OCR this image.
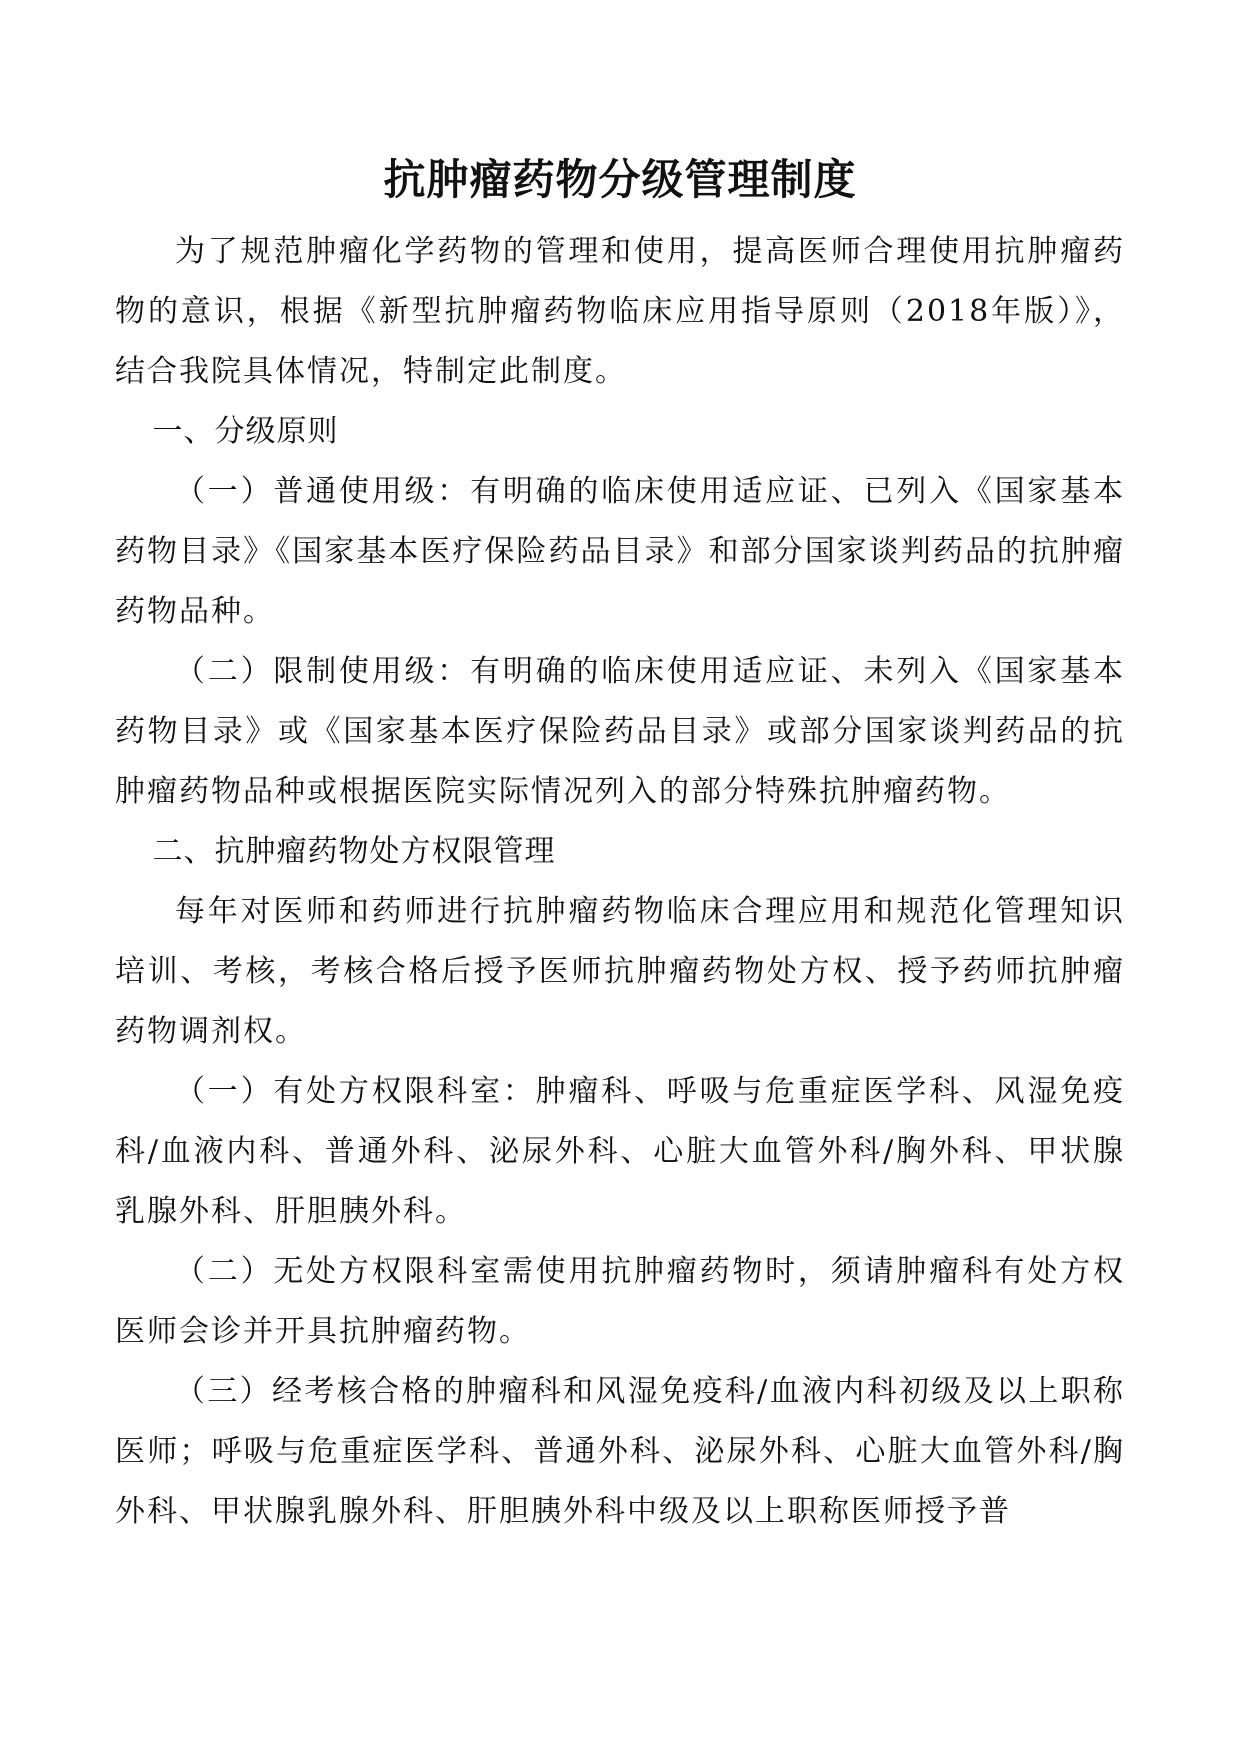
抗肿瘤药物分级管理制度

为了规范肿瘤化学药物的管理和使用，提高医师合理使用抗肿瘤药物的意识，根据《新型抗肿瘤药物临床应用指导原则（2018年版）》，结合我院具体情况，特制定此制度。

一、分级原则

（一）普通使用级：有明确的临床使用适应证、已列入《国家基本药物目录》《国家基本医疗保险药品目录》和部分国家谈判药品的抗肿瘤药物品种。

（二）限制使用级：有明确的临床使用适应证、未列入《国家基本药物目录》或《国家基本医疗保险药品目录》或部分国家谈判药品的抗肿瘤药物品种或根据医院实际情况列入的部分特殊抗肿瘤药物。

二、抗肿瘤药物处方权限管理

每年对医师和药师进行抗肿瘤药物临床合理应用和规范化管理知识培训、考核，考核合格后授予医师抗肿瘤药物处方权、授予药师抗肿瘤药物调剂权。

（一）有处方权限科室：肿瘤科、呼吸与危重症医学科、风湿免疫科/血液内科、普通外科、泌尿外科、心脏大血管外科/胸外科、甲状腺乳腺外科、肝胆胰外科。

（二）无处方权限科室需使用抗肿瘤药物时，须请肿瘤科有处方权医师会诊并开具抗肿瘤药物。

（三）经考核合格的肿瘤科和风湿免疫科/血液内科初级及以上职称医师；呼吸与危重症医学科、普通外科、泌尿外科、心脏大血管外科/胸外科、甲状腺乳腺外科、肝胆胰外科中级及以上职称医师授予普
